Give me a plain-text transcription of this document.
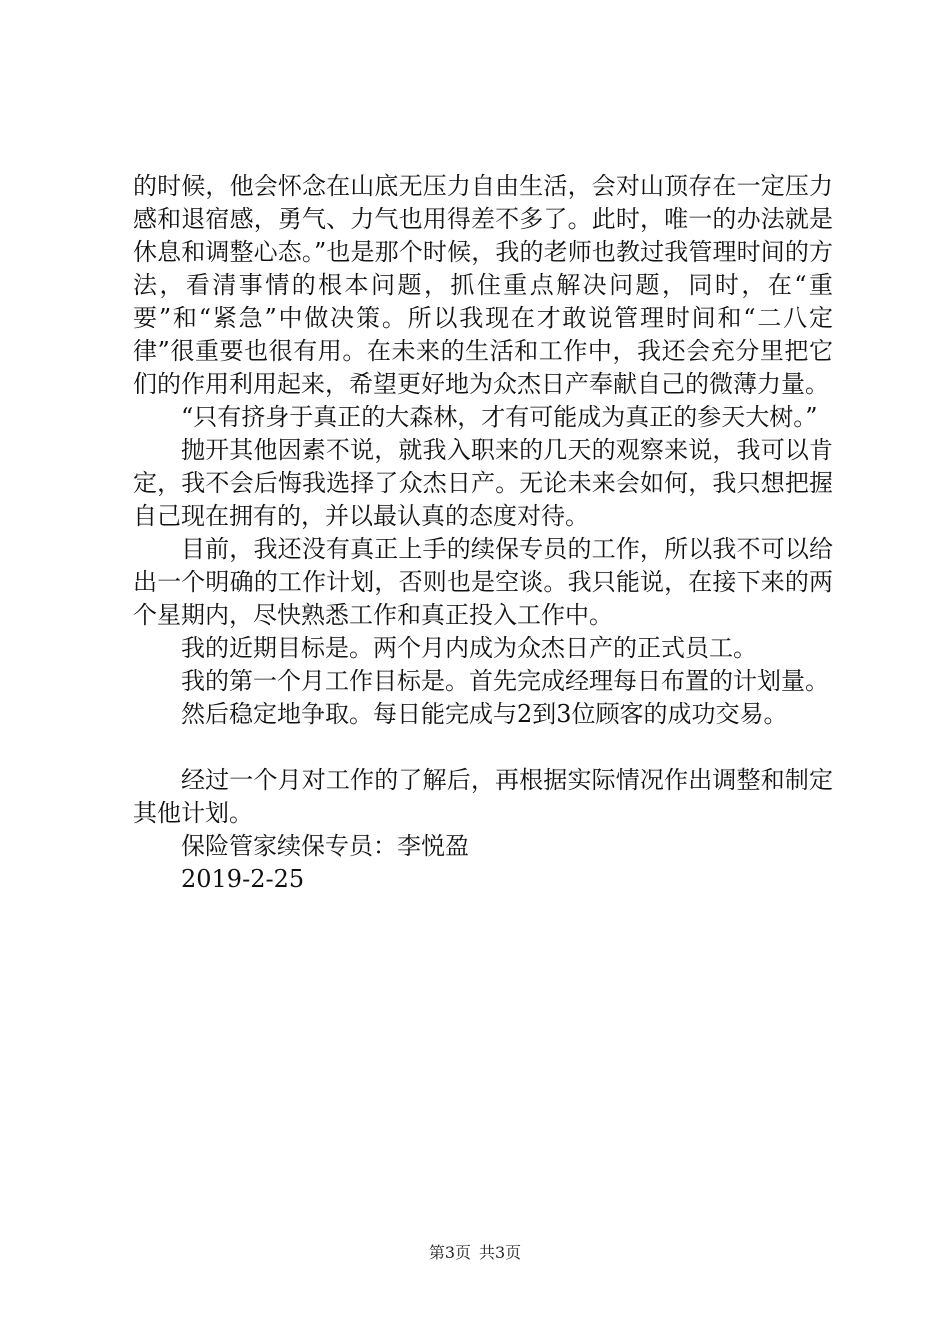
的时候，他会怀念在山底无压力自由生活，会对山顶存在一定压力感和退宿感，勇气、力气也用得差不多了。此时，唯一的办法就是休息和调整心态。”也是那个时候，我的老师也教过我管理时间的方法，看清事情的根本问题，抓住重点解决问题，同时，在“重要”和“紧急”中做决策。所以我现在才敢说管理时间和“二八定律”很重要也很有用。在未来的生活和工作中，我还会充分里把它们的作用利用起来，希望更好地为众杰日产奉献自己的微薄力量。

“只有挤身于真正的大森林，才有可能成为真正的参天大树。”

抛开其他因素不说，就我入职来的几天的观察来说，我可以肯定，我不会后悔我选择了众杰日产。无论未来会如何，我只想把握自己现在拥有的，并以最认真的态度对待。

目前，我还没有真正上手的续保专员的工作，所以我不可以给出一个明确的工作计划，否则也是空谈。我只能说，在接下来的两个星期内，尽快熟悉工作和真正投入工作中。

我的近期目标是。两个月内成为众杰日产的正式员工。

我的第一个月工作目标是。首先完成经理每日布置的计划量。

然后稳定地争取。每日能完成与2到3位顾客的成功交易。

经过一个月对工作的了解后，再根据实际情况作出调整和制定其他计划。

保险管家续保专员：李悦盈

2019-2-25

第3页 共3页
